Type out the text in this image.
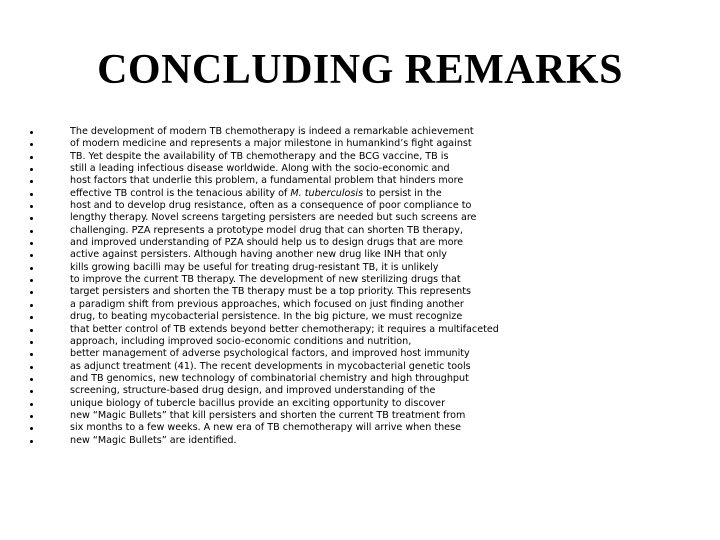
CONCLUDING REMARKS
The development of modern TB chemotherapy is indeed a remarkable achievement
of modern medicine and represents a major milestone in humankind’s fight against
TB. Yet despite the availability of TB chemotherapy and the BCG vaccine, TB is
still a leading infectious disease worldwide. Along with the socio-economic and
host factors that underlie this problem, a fundamental problem that hinders more
effective TB control is the tenacious ability of M. tuberculosis to persist in the
host and to develop drug resistance, often as a consequence of poor compliance to
lengthy therapy. Novel screens targeting persisters are needed but such screens are
challenging. PZA represents a prototype model drug that can shorten TB therapy,
and improved understanding of PZA should help us to design drugs that are more
active against persisters. Although having another new drug like INH that only
kills growing bacilli may be useful for treating drug-resistant TB, it is unlikely
to improve the current TB therapy. The development of new sterilizing drugs that
target persisters and shorten the TB therapy must be a top priority. This represents
a paradigm shift from previous approaches, which focused on just finding another
drug, to beating mycobacterial persistence. In the big picture, we must recognize
that better control of TB extends beyond better chemotherapy; it requires a multifaceted
approach, including improved socio-economic conditions and nutrition,
better management of adverse psychological factors, and improved host immunity
as adjunct treatment (41). The recent developments in mycobacterial genetic tools
and TB genomics, new technology of combinatorial chemistry and high throughput
screening, structure-based drug design, and improved understanding of the
unique biology of tubercle bacillus provide an exciting opportunity to discover
new “Magic Bullets” that kill persisters and shorten the current TB treatment from
six months to a few weeks. A new era of TB chemotherapy will arrive when these
new “Magic Bullets” are identified.
